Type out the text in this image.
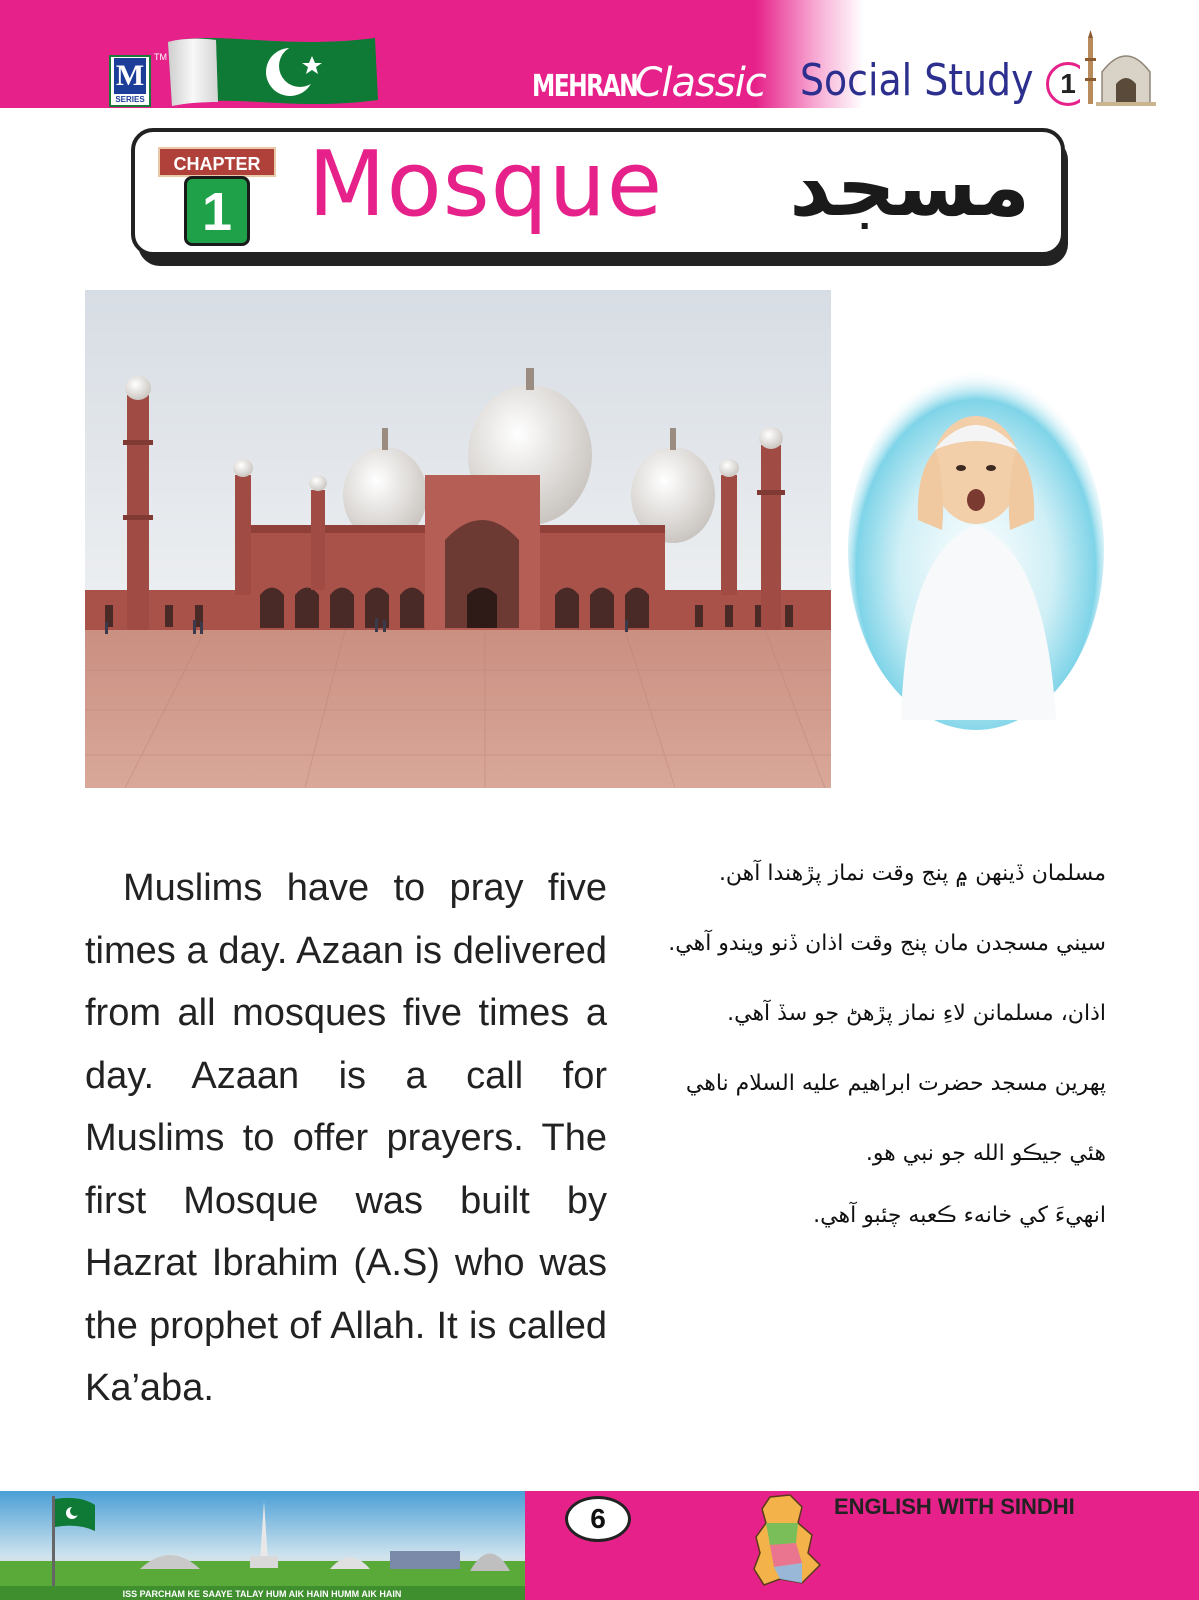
M
SERIES
TM
MEHRAN Classic Social Study 1
CHAPTER
1 Mosque مسجد

Muslims have to pray five times a day. Azaan is delivered from all mosques five times a day. Azaan is a call for Muslims to offer prayers. The first Mosque was built by Hazrat Ibrahim (A.S) who was the prophet of Allah. It is called Ka’aba.

مسلمان ڏينهن ۾ پنج وقت نماز پڙهندا آهن.
سيني مسجدن مان پنج وقت اذان ڏنو ويندو آهي.
اذان، مسلمانن لاءِ نماز پڙهڻ جو سڏ آهي.
پهرين مسجد حضرت ابراهيم عليه السلام ناهي
هئي جيڪو الله جو نبي هو.
انهيءَ کي خانهء ڪعبه چئبو آهي.
ISS PARCHAM KE SAAYE TALAY HUM AIK HAIN HUMM AIK HAIN
6	ENGLISH WITH SINDHI
